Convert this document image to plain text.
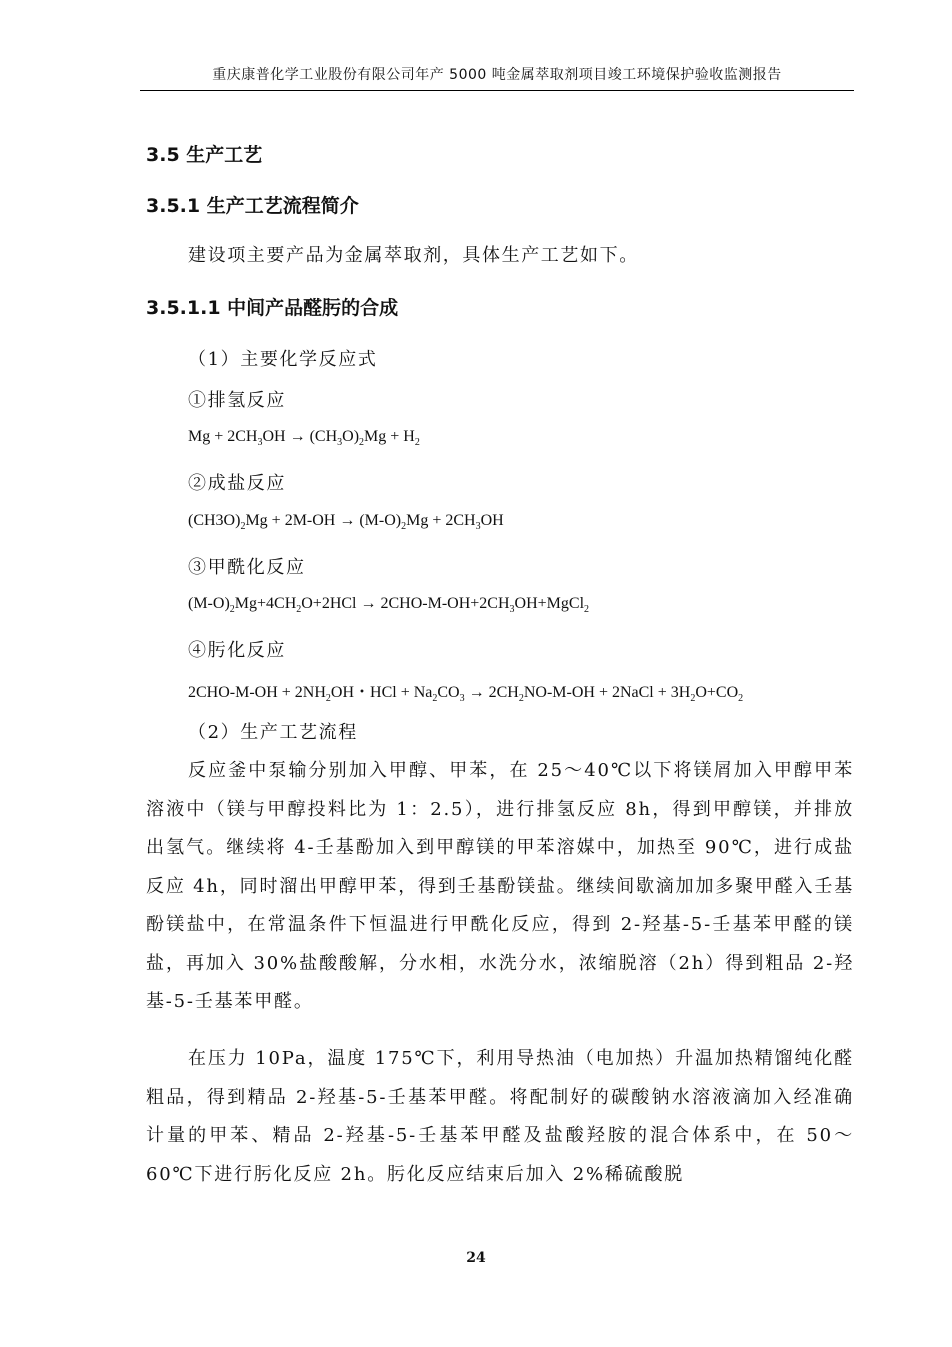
重庆康普化学工业股份有限公司年产 5000 吨金属萃取剂项目竣工环境保护验收监测报告
3.5 生产工艺
3.5.1 生产工艺流程简介
建设项主要产品为金属萃取剂，具体生产工艺如下。
3.5.1.1 中间产品醛肟的合成
（1）主要化学反应式
①排氢反应
$Mg + 2CH_3OH \to (CH_3O)_2Mg + H_2$
②成盐反应
$(CH3O)_2Mg + 2M-OH \to (M-O)_2Mg + 2CH_3OH$
③甲酰化反应
$(M-O)_2Mg+4CH_2O+2HCl$ → $2CHO-M-OH+2CH_3OH+MgCl_2$
④肟化反应
$2CHO-M-OH + 2NH_2OH$・HCl + $Na_2CO_3 \to 2CH_2NO-M-OH$ + 2NaCl + $3H_2O+CO_2$
（2）生产工艺流程
反应釜中泵输分别加入甲醇、甲苯，在 25～40℃以下将镁屑加入甲醇甲苯溶液中（镁与甲醇投料比为 1：2.5），进行排氢反应 8h，得到甲醇镁，并排放出氢气。继续将 4-壬基酚加入到甲醇镁的甲苯溶媒中，加热至 90℃，进行成盐反应 4h，同时溜出甲醇甲苯，得到壬基酚镁盐。继续间歇滴加加多聚甲醛入壬基酚镁盐中，在常温条件下恒温进行甲酰化反应，得到 2-羟基-5-壬基苯甲醛的镁盐，再加入 30%盐酸酸解，分水相，水洗分水，浓缩脱溶（2h）得到粗品 2-羟基-5-壬基苯甲醛。
在压力 10Pa，温度 175℃下，利用导热油（电加热）升温加热精馏纯化醛粗品，得到精品 2-羟基-5-壬基苯甲醛。将配制好的碳酸钠水溶液滴加入经准确计量的甲苯、精品 2-羟基-5-壬基苯甲醛及盐酸羟胺的混合体系中，在 50～60℃下进行肟化反应 2h。肟化反应结束后加入 2%稀硫酸脱
24
